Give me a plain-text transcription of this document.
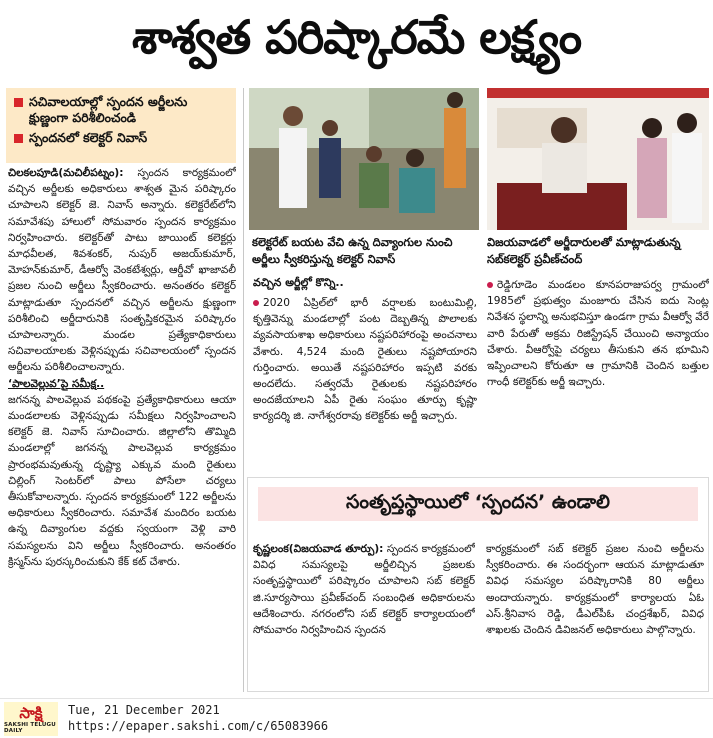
శాశ్వత పరిష్కారమే లక్ష్యం
సచివాలయాల్లో స్పందన అర్జీలను క్షుణ్ణంగా పరిశీలించండి
స్పందనలో కలెక్టర్ నివాస్

చిలకలపూడి(మచిలీపట్నం): స్పందన కార్యక్రమంలో వచ్చిన అర్జీలకు అధికారులు శాశ్వత మైన పరిష్కారం చూపాలని కలెక్టర్ జె. నివాస్ అన్నారు. కలెక్టరేట్‌లోని సమావేశపు హాలులో సోమవారం స్పందన కార్యక్రమం నిర్వహించారు. కలెక్టర్‌తో పాటు జాయింట్ కలెక్టర్లు మాధవీలత, శివశంకర్, నుపుర్ అజయ్‌కుమార్, మోహన్‌కుమార్, డీఆర్వో వెంకటేశ్వర్లు, ఆర్డీవో ఖాజావలీ ప్రజల నుంచి అర్జీలు స్వీకరించారు. అనంతరం కలెక్టర్ మాట్లాడుతూ స్పందనలో వచ్చిన అర్జీలను క్షుణ్ణంగా పరిశీలించి అర్జీదారునికి సంతృప్తికరమైన పరిష్కారం చూపాలన్నారు. మండల ప్రత్యేకాధికారులు సచివాలయాలకు వెళ్లినప్పుడు సచివాలయంలో స్పందన అర్జీలను పరిశీలించాలన్నారు.

‘పాలవెల్లువ’పై సమీక్ష..

జగనన్న పాలవెల్లువ పథకంపై ప్రత్యేకాధికారులు ఆయా మండలాలకు వెళ్లినప్పుడు సమీక్షలు నిర్వహించాలని కలెక్టర్ జె. నివాస్ సూచించారు. జిల్లాలోని తొమ్మిది మండలాల్లో జగనన్న పాలవెల్లువ కార్యక్రమం ప్రారంభమవుతున్న దృష్ట్యా ఎక్కువ మంది రైతులు చిల్లింగ్ సెంటర్‌లో పాలు పోసేలా చర్యలు తీసుకోవాలన్నారు. స్పందన కార్యక్రమంలో 122 అర్జీలను అధికారులు స్వీకరించారు. సమావేశ మందిరం బయట ఉన్న దివ్యాంగుల వద్దకు స్వయంగా వెళ్లి వారి సమస్యలను విని అర్జీలు స్వీకరించారు. అనంతరం క్రిస్మస్‌ను పురస్కరించుకుని కేక్ కట్ చేశారు.

కలెక్టరేట్ బయట వేచి ఉన్న దివ్యాంగుల నుంచి అర్జీలు స్వీకరిస్తున్న కలెక్టర్ నివాస్
విజయవాడలో అర్జీదారులతో మాట్లాడుతున్న సబ్‌కలెక్టర్ ప్రవీణ్‌చంద్
వచ్చిన అర్జీల్లో కొన్ని..

2020 ఏప్రిల్‌లో భారీ వర్షాలకు బంటుమిల్లి, కృత్తివెన్ను మండలాల్లో పంట దెబ్బతిన్న పొలాలకు వ్యవసాయశాఖ అధికారులు నష్టపరిహారంపై అంచనాలు వేశారు. 4,524 మంది రైతులు నష్టపోయారని గుర్తించారు. అయితే నష్టపరిహారం ఇప్పటి వరకు అందలేదు. సత్వరమే రైతులకు నష్టపరిహారం అందజేయాలని ఏపీ రైతు సంఘం తూర్పు కృష్ణా కార్యదర్శి జి. నాగేశ్వరరావు కలెక్టర్‌కు అర్జీ ఇచ్చారు.

రెడ్డిగూడెం మండలం కూనపరాజుపర్వ గ్రామంలో 1985లో ప్రభుత్వం మంజూరు చేసిన ఐదు సెంట్ల నివేశన స్థలాన్ని అనుభవిస్తూ ఉండగా గ్రామ వీఆర్వో వేరే వారి పేరుతో అక్రమ రిజిస్ట్రేషన్ చేయించి అన్యాయం చేశారు. వీఆర్వోపై చర్యలు తీసుకుని తన భూమిని ఇప్పించాలని కోరుతూ ఆ గ్రామానికి చెందిన బత్తుల గాంధీ కలెక్టర్‌కు అర్జీ ఇచ్చారు.

సంతృప్తస్థాయిలో ‘స్పందన’ ఉండాలి

కృష్ణలంక(విజయవాడ తూర్పు): స్పందన కార్యక్రమంలో వివిధ సమస్యలపై అర్జీలిచ్చిన ప్రజలకు సంతృప్తస్థాయిలో పరిష్కారం చూపాలని సబ్ కలెక్టర్ జి.సూర్యసాయి ప్రవీణ్‌చంద్ సంబంధిత అధికారులను ఆదేశించారు. నగరంలోని సబ్ కలెక్టర్ కార్యాలయంలో సోమవారం నిర్వహించిన స్పందన

కార్యక్రమంలో సబ్ కలెక్టర్ ప్రజల నుంచి అర్జీలను స్వీకరించారు. ఈ సందర్భంగా ఆయన మాట్లాడుతూ వివిధ సమస్యల పరిష్కారానికి 80 అర్జీలు అందాయన్నారు. కార్యక్రమంలో కార్యాలయ ఏఓ ఎస్.శ్రీనివాస రెడ్డి, డీఎల్‌పీఓ చంద్రశేఖర్, వివిధ శాఖలకు చెందిన డివిజనల్ అధికారులు పాల్గొన్నారు.

సాక్షి
SAKSHI TELUGU DAILY
Tue, 21 December 2021
https://epaper.sakshi.com/c/65083966
